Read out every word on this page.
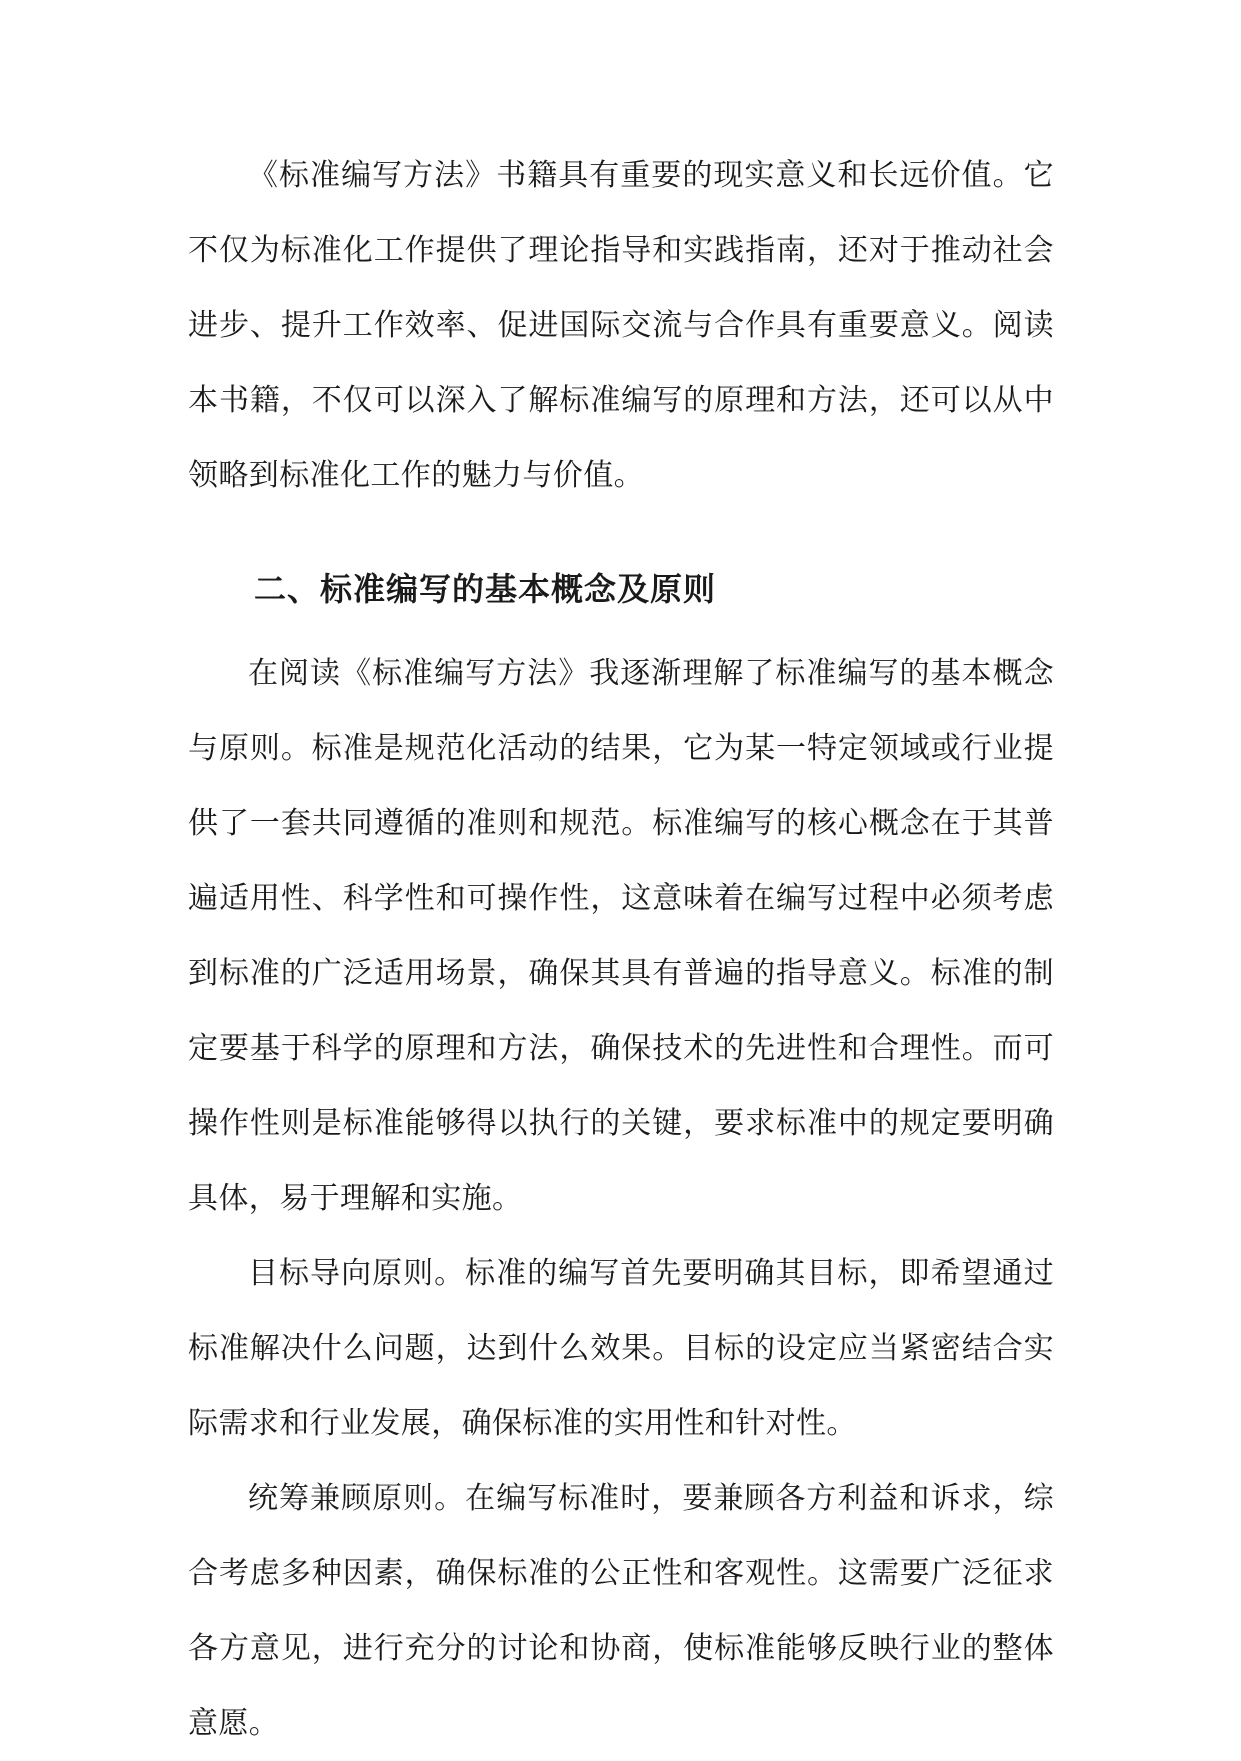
《标准编写方法》书籍具有重要的现实意义和长远价值。它不仅为标准化工作提供了理论指导和实践指南，还对于推动社会进步、提升工作效率、促进国际交流与合作具有重要意义。阅读本书籍，不仅可以深入了解标准编写的原理和方法，还可以从中领略到标准化工作的魅力与价值。

二、标准编写的基本概念及原则

在阅读《标准编写方法》我逐渐理解了标准编写的基本概念与原则。标准是规范化活动的结果，它为某一特定领域或行业提供了一套共同遵循的准则和规范。标准编写的核心概念在于其普遍适用性、科学性和可操作性，这意味着在编写过程中必须考虑到标准的广泛适用场景，确保其具有普遍的指导意义。标准的制定要基于科学的原理和方法，确保技术的先进性和合理性。而可操作性则是标准能够得以执行的关键，要求标准中的规定要明确具体，易于理解和实施。

目标导向原则。标准的编写首先要明确其目标，即希望通过标准解决什么问题，达到什么效果。目标的设定应当紧密结合实际需求和行业发展，确保标准的实用性和针对性。

统筹兼顾原则。在编写标准时，要兼顾各方利益和诉求，综合考虑多种因素，确保标准的公正性和客观性。这需要广泛征求各方意见，进行充分的讨论和协商，使标准能够反映行业的整体意愿。
